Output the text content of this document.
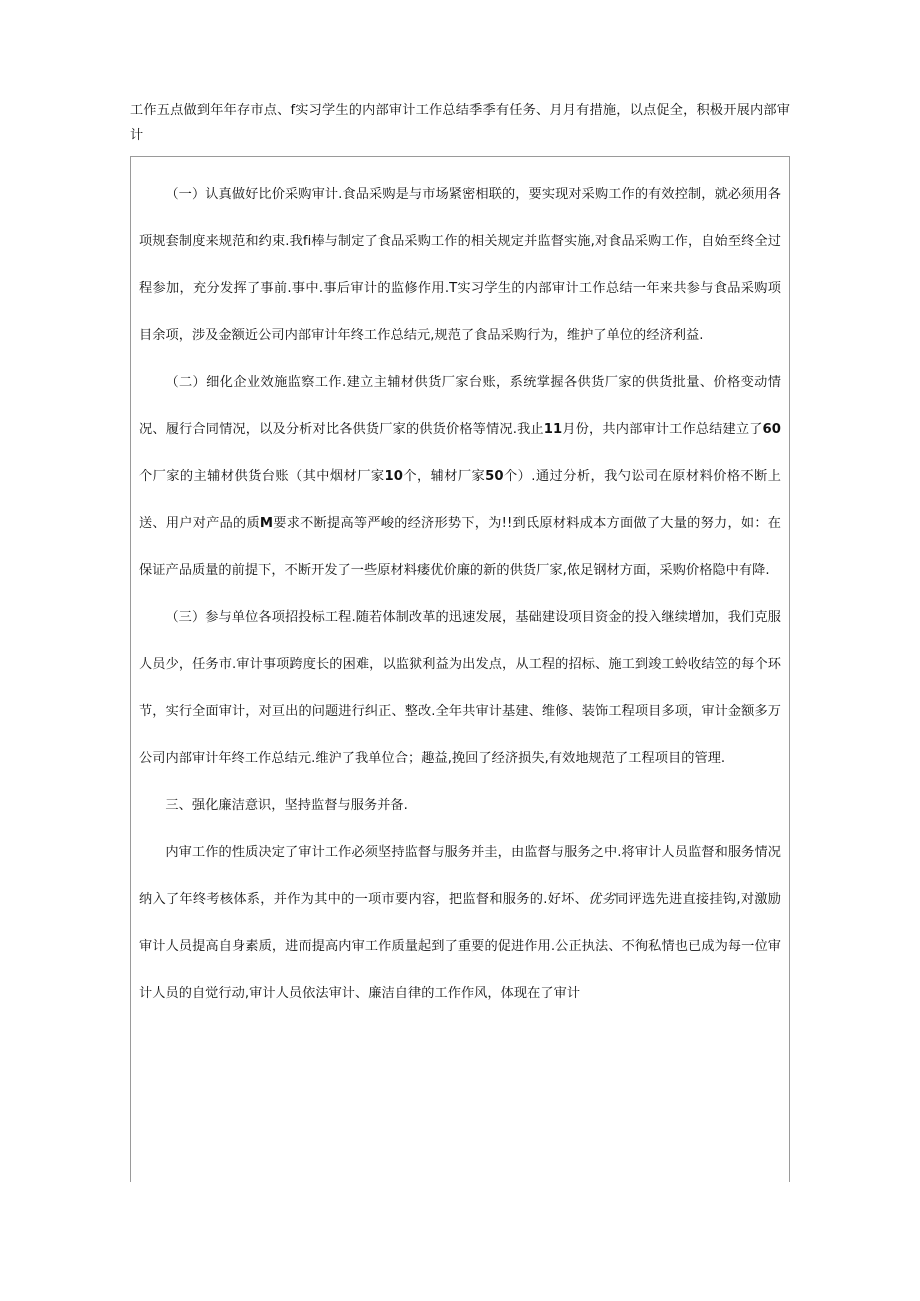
工作五点做到年年存市点、f实习学生的内部审计工作总结季季有任务、月月有措施，以点促全，积极开展内部审计

（一）认真做好比价采购审计.食品采购是与市场紧密相联的，要实现对采购工作的有效控制，就必须用各项规套制度来规范和约束.我fi棒与制定了食品采购工作的相关规定并监督实施,对食品采购工作，自始至终全过程参加，充分发挥了事前.事中.事后审计的监修作用.T实习学生的内部审计工作总结一年来共参与食品采购项目余项，涉及金额近公司内部审计年终工作总结元,规范了食品采购行为，维护了单位的经济利益.

（二）细化企业效施监察工作.建立主辅材供货厂家台账，系统掌握各供货厂家的供货批量、价格变动情况、履行合同情况，以及分析对比各供货厂家的供货价格等情况.我止11月份，共内部审计工作总结建立了60个厂家的主辅材供货台账（其中烟材厂家10个，辅材厂家50个）.通过分析，我勺讼司在原材料价格不断上送、用户对产品的质M要求不断提高等严峻的经济形势下，为!!到氐原材料成本方面做了大量的努力，如：在保证产品质量的前提下，不断开发了一些原材料瘘优价廉的新的供货厂家,侬足钢材方面，采购价格隐中有降.

（三）参与单位各项招投标工程.随若体制改革的迅速发展，基础建设项目资金的投入继续增加，我们克服人员少，任务市.审计事项跨度长的困难，以监狱利益为出发点，从工程的招标、施工到竣工蛉收结笠的每个环节，实行全面审计，对亘出的问题进行纠正、整改.全年共审计基建、维修、装饰工程项目多项，审计金额多万公司内部审计年终工作总结元.维沪了我单位合；趣益,挽回了经济损失,有效地规范了工程项目的管理.

三、强化廉洁意识，坚持监督与服务并备.

内审工作的性质决定了审计工作必须坚持监督与服务并圭，由监督与服务之中.将审计人员监督和服务情况纳入了年终考核体系，并作为其中的一项市要内容，把监督和服务的.好坏、优劣同评选先进直接挂钩,对激励审计人员提高自身素质，进而提高内审工作质量起到了重要的促进作用.公正执法、不徇私情也已成为每一位审计人员的自觉行动,审计人员依法审计、廉洁自律的工作作风，体现在了审计
